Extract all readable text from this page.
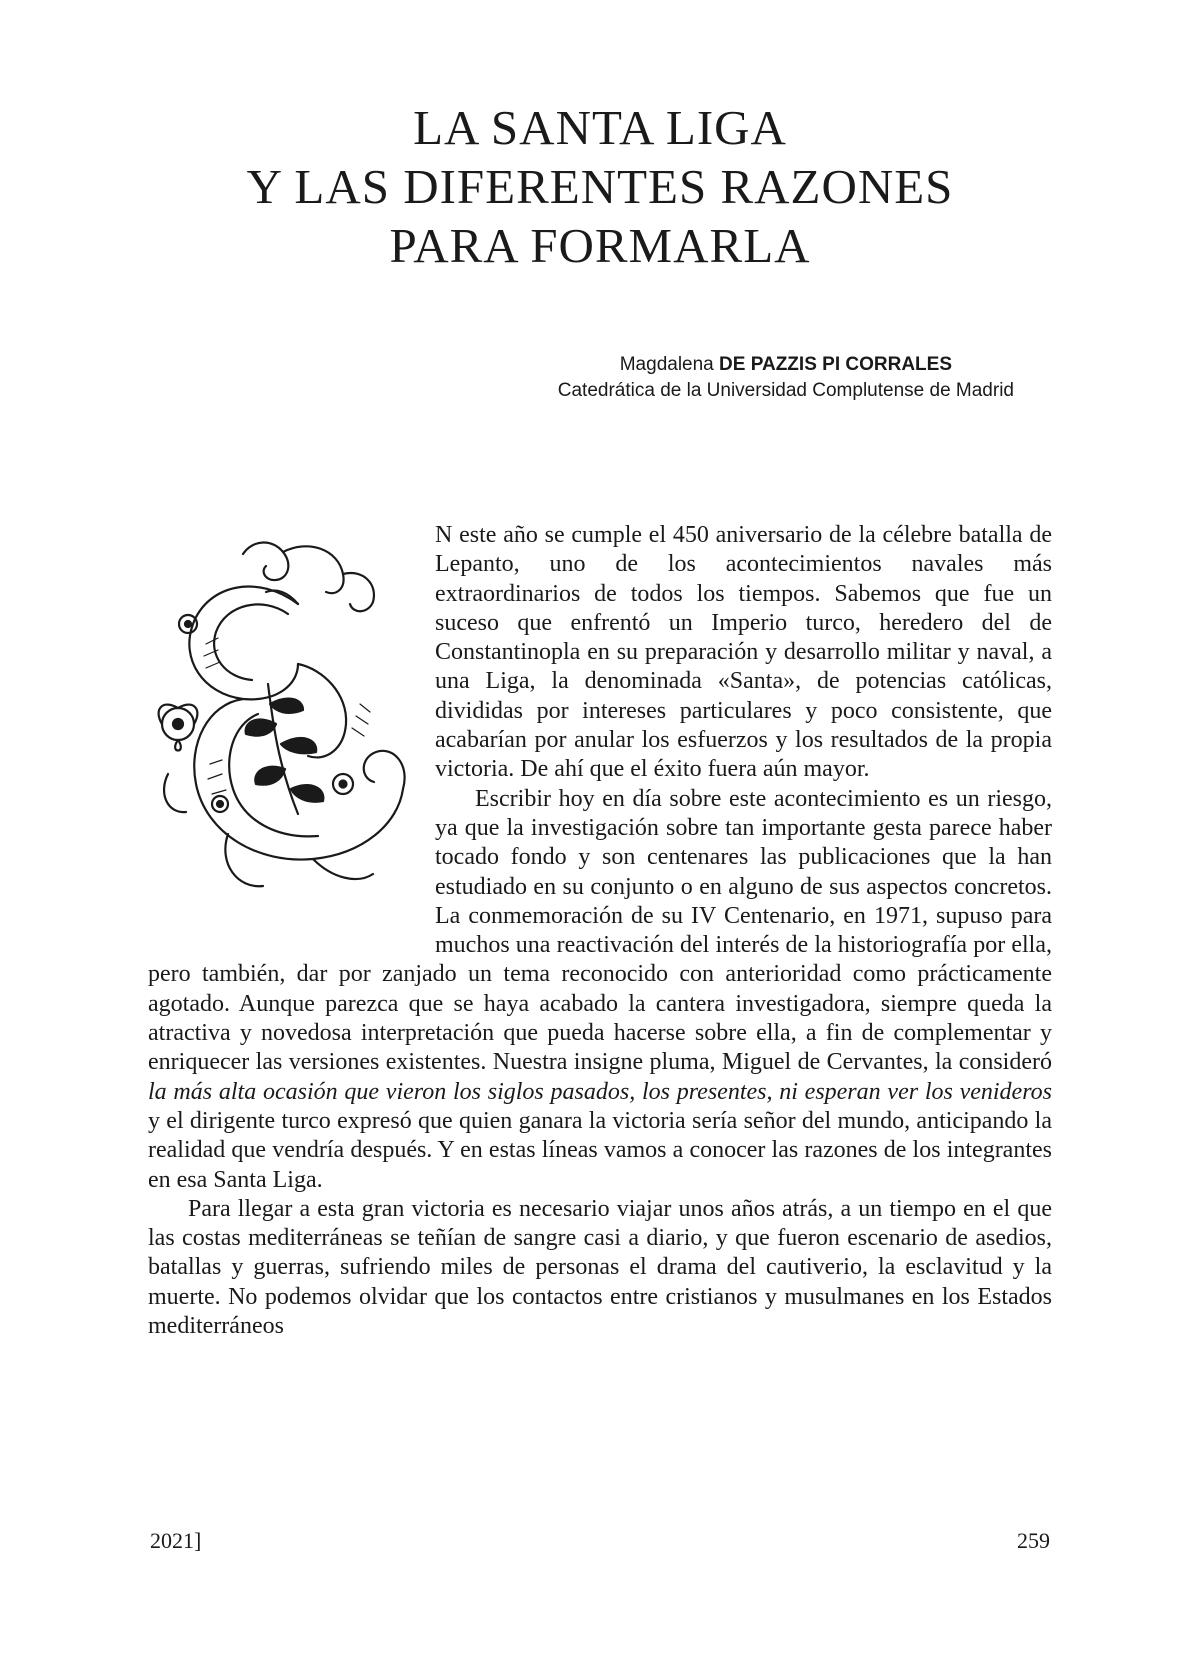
LA SANTA LIGA
Y LAS DIFERENTES RAZONES
PARA FORMARLA
Magdalena DE PAZZIS PI CORRALES
Catedrática de la Universidad Complutense de Madrid

N este año se cumple el 450 aniversario de la célebre batalla de Lepanto, uno de los acontecimientos navales más extraordinarios de todos los tiempos. Sabemos que fue un suceso que enfrentó un Imperio turco, heredero del de Constantinopla en su preparación y desarrollo militar y naval, a una Liga, la denominada «Santa», de potencias católicas, divididas por intereses particulares y poco consistente, que acabarían por anular los esfuerzos y los resultados de la propia victoria. De ahí que el éxito fuera aún mayor.

Escribir hoy en día sobre este acontecimiento es un riesgo, ya que la investigación sobre tan importante gesta parece haber tocado fondo y son centenares las publicaciones que la han estudiado en su conjunto o en alguno de sus aspectos concretos. La conmemoración de su IV Centenario, en 1971, supuso para muchos una reactivación del interés de la historiografía por ella, pero también, dar por zanjado un tema reconocido con anterioridad como prácticamente agotado. Aunque parezca que se haya acabado la cantera investigadora, siempre queda la atractiva y novedosa interpretación que pueda hacerse sobre ella, a fin de complementar y enriquecer las versiones existentes. Nuestra insigne pluma, Miguel de Cervantes, la consideró la más alta ocasión que vieron los siglos pasados, los presentes, ni esperan ver los venideros y el dirigente turco expresó que quien ganara la victoria sería señor del mundo, anticipando la realidad que vendría después. Y en estas líneas vamos a conocer las razones de los integrantes en esa Santa Liga.

Para llegar a esta gran victoria es necesario viajar unos años atrás, a un tiempo en el que las costas mediterráneas se teñían de sangre casi a diario, y que fueron escenario de asedios, batallas y guerras, sufriendo miles de personas el drama del cautiverio, la esclavitud y la muerte. No podemos olvidar que los contactos entre cristianos y musulmanes en los Estados mediterráneos

2021]	259
